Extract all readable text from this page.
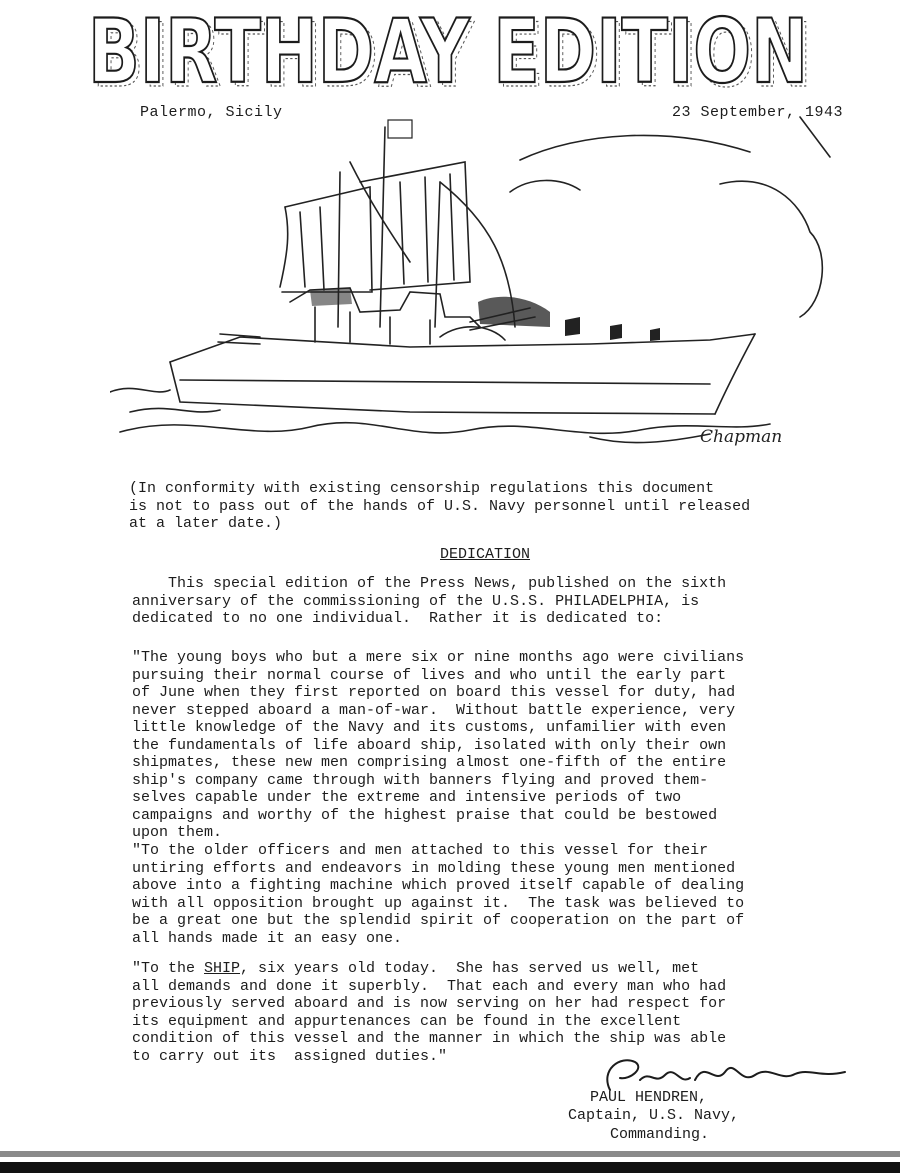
BIRTHDAY EDITION
BIRTHDAY EDITION
Palermo, Sicily	23 September, 1943
Chapman

(In conformity with existing censorship regulations this document
is not to pass out of the hands of U.S. Navy personnel until released
at a later date.)

DEDICATION

This special edition of the Press News, published on the sixth
anniversary of the commissioning of the U.S.S. PHILADELPHIA, is
dedicated to no one individual.  Rather it is dedicated to:

"The young boys who but a mere six or nine months ago were civilians
pursuing their normal course of lives and who until the early part
of June when they first reported on board this vessel for duty, had
never stepped aboard a man-of-war.  Without battle experience, very
little knowledge of the Navy and its customs, unfamilier with even
the fundamentals of life aboard ship, isolated with only their own
shipmates, these new men comprising almost one-fifth of the entire
ship's company came through with banners flying and proved them-
selves capable under the extreme and intensive periods of two
campaigns and worthy of the highest praise that could be bestowed
upon them.

"To the older officers and men attached to this vessel for their
untiring efforts and endeavors in molding these young men mentioned
above into a fighting machine which proved itself capable of dealing
with all opposition brought up against it.  The task was believed to
be a great one but the splendid spirit of cooperation on the part of
all hands made it an easy one.

"To the SHIP, six years old today.  She has served us well, met
all demands and done it superbly.  That each and every man who had
previously served aboard and is now serving on her had respect for
its equipment and appurtenances can be found in the excellent
condition of this vessel and the manner in which the ship was able
to carry out its  assigned duties."

PAUL HENDREN,
Captain, U.S. Navy,
Commanding.
